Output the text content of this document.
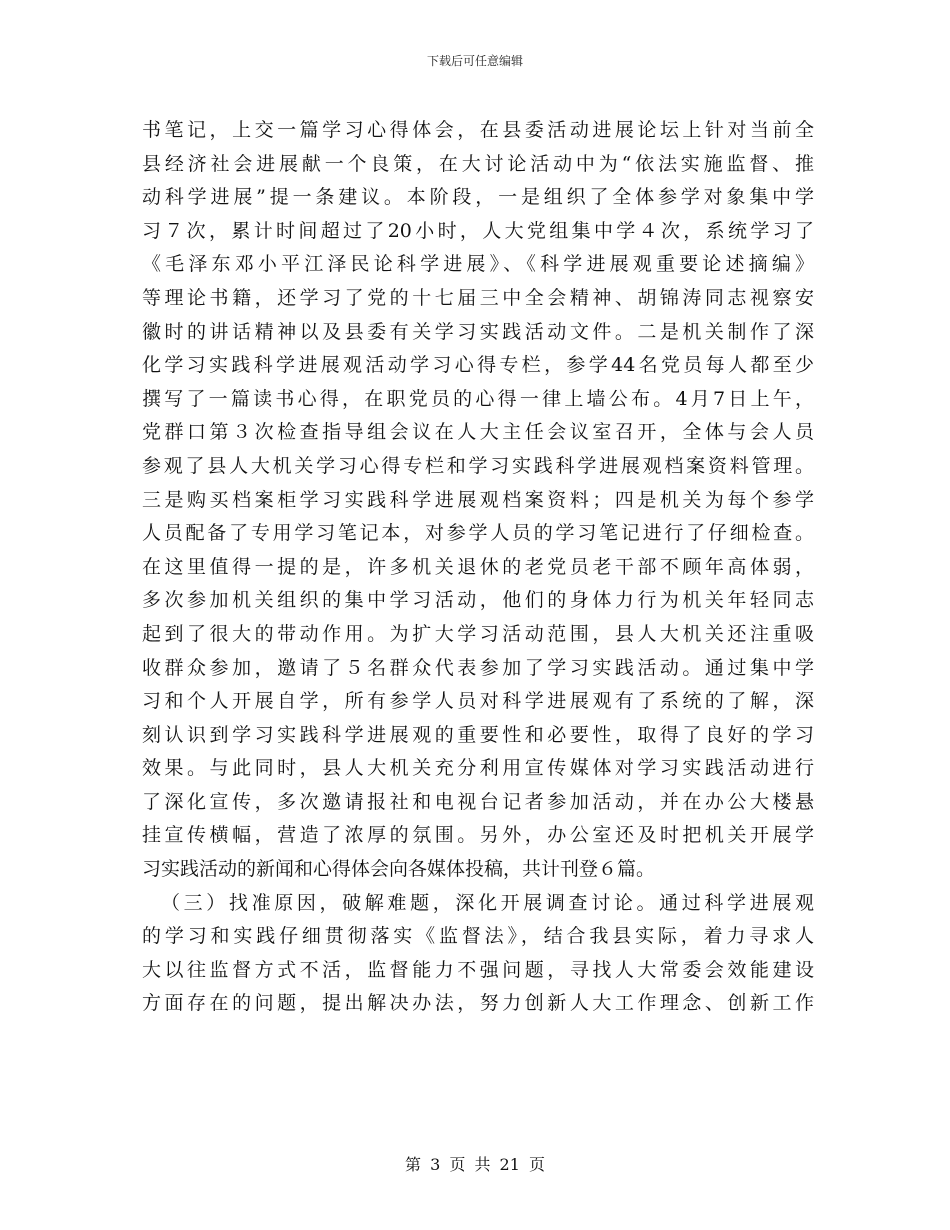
下载后可任意编辑
书笔记，上交一篇学习心得体会，在县委活动进展论坛上针对当前全
县经济社会进展献一个良策，在大讨论活动中为“依法实施监督、推
动科学进展”提一条建议。本阶段，一是组织了全体参学对象集中学
习７次，累计时间超过了20小时，人大党组集中学４次，系统学习了
《毛泽东邓小平江泽民论科学进展》、《科学进展观重要论述摘编》
等理论书籍，还学习了党的十七届三中全会精神、胡锦涛同志视察安
徽时的讲话精神以及县委有关学习实践活动文件。二是机关制作了深
化学习实践科学进展观活动学习心得专栏，参学44名党员每人都至少
撰写了一篇读书心得，在职党员的心得一律上墙公布。4月7日上午，
党群口第３次检查指导组会议在人大主任会议室召开，全体与会人员
参观了县人大机关学习心得专栏和学习实践科学进展观档案资料管理。
三是购买档案柜学习实践科学进展观档案资料；四是机关为每个参学
人员配备了专用学习笔记本，对参学人员的学习笔记进行了仔细检查。
在这里值得一提的是，许多机关退休的老党员老干部不顾年高体弱，
多次参加机关组织的集中学习活动，他们的身体力行为机关年轻同志
起到了很大的带动作用。为扩大学习活动范围，县人大机关还注重吸
收群众参加，邀请了５名群众代表参加了学习实践活动。通过集中学
习和个人开展自学，所有参学人员对科学进展观有了系统的了解，深
刻认识到学习实践科学进展观的重要性和必要性，取得了良好的学习
效果。与此同时，县人大机关充分利用宣传媒体对学习实践活动进行
了深化宣传，多次邀请报社和电视台记者参加活动，并在办公大楼悬
挂宣传横幅，营造了浓厚的氛围。另外，办公室还及时把机关开展学
习实践活动的新闻和心得体会向各媒体投稿，共计刊登６篇。
（三）找准原因，破解难题，深化开展调查讨论。通过科学进展观
的学习和实践仔细贯彻落实《监督法》，结合我县实际，着力寻求人
大以往监督方式不活，监督能力不强问题，寻找人大常委会效能建设
方面存在的问题，提出解决办法，努力创新人大工作理念、创新工作
第 3 页 共 21 页
